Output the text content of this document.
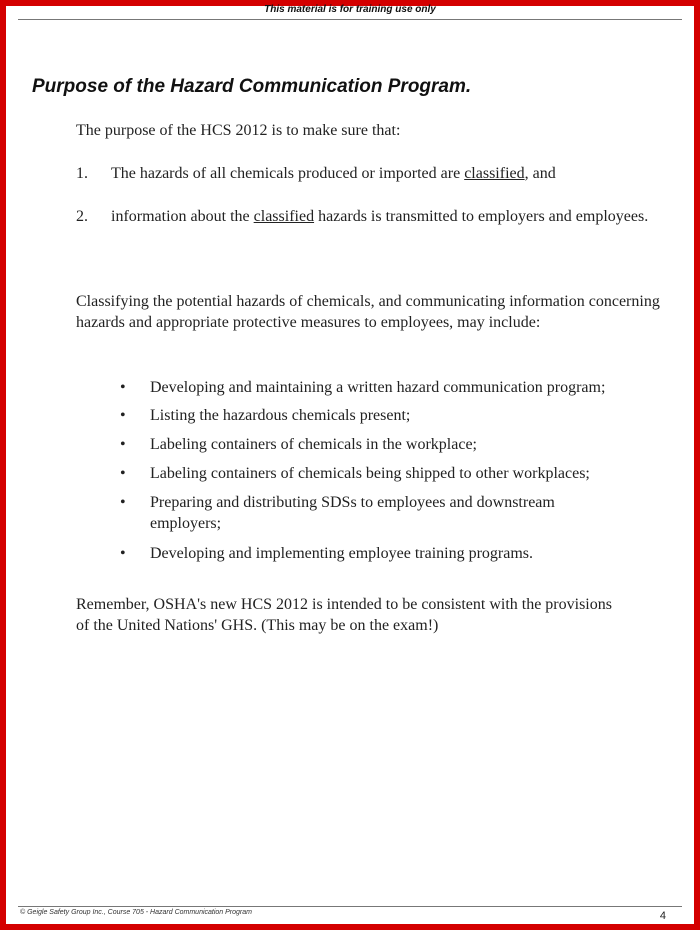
This material is for training use only
Purpose of the Hazard Communication Program.
The purpose of the HCS 2012 is to make sure that:
1. The hazards of all chemicals produced or imported are classified, and
2. information about the classified hazards is transmitted to employers and employees.
Classifying the potential hazards of chemicals, and communicating information concerning hazards and appropriate protective measures to employees, may include:
• Developing and maintaining a written hazard communication program;
• Listing the hazardous chemicals present;
• Labeling containers of chemicals in the workplace;
• Labeling containers of chemicals being shipped to other workplaces;
• Preparing and distributing SDSs to employees and downstream employers;
• Developing and implementing employee training programs.
Remember, OSHA's new HCS 2012 is intended to be consistent with the provisions of the United Nations' GHS. (This may be on the exam!)
© Geigle Safety Group Inc., Course 705 - Hazard Communication Program	4
